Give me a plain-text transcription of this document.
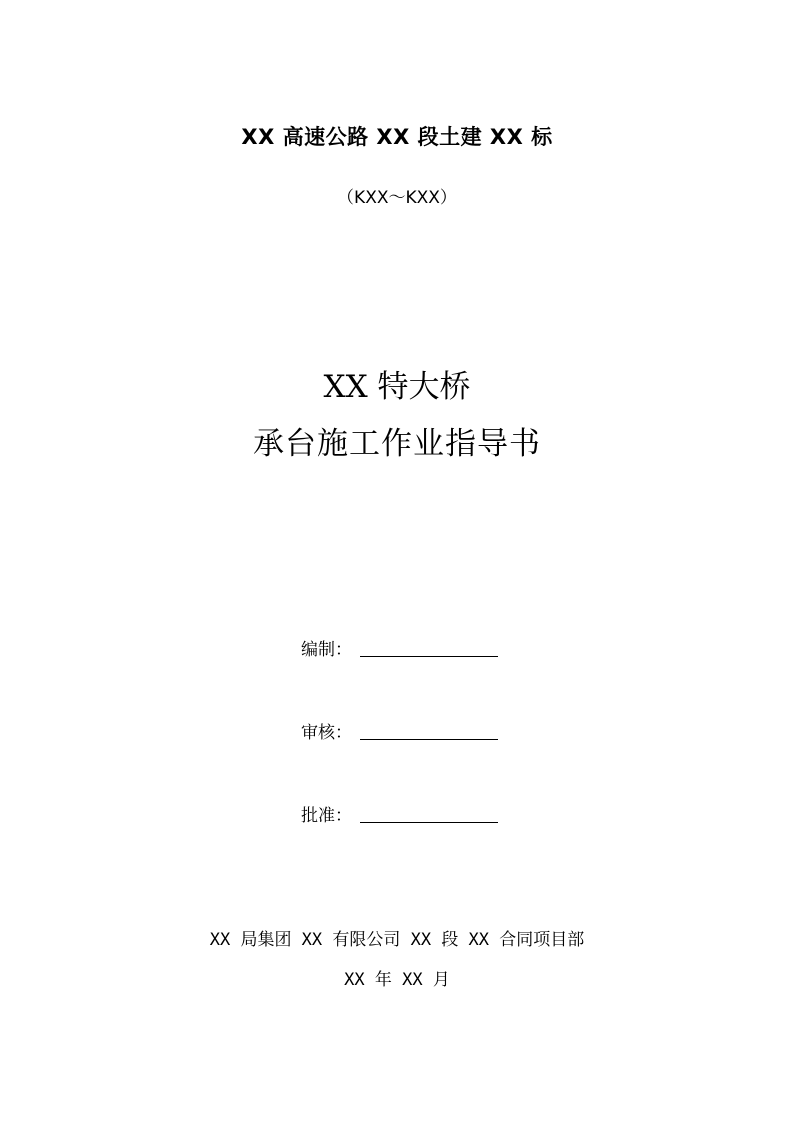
XX 高速公路 XX 段土建 XX 标
（KXX～KXX）
XX 特大桥
承台施工作业指导书
编制：
审核：
批准：
XX 局集团 XX 有限公司 XX 段 XX 合同项目部
XX 年 XX 月
